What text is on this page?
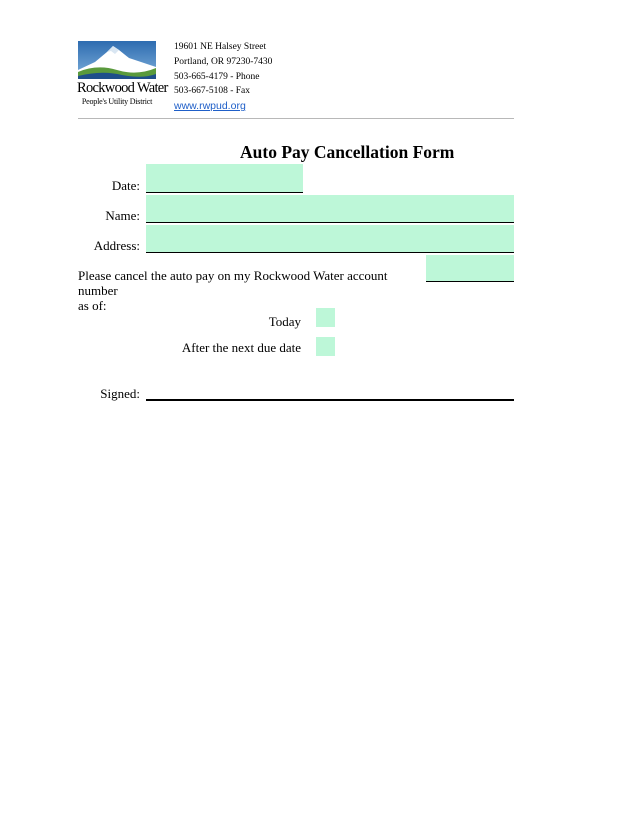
Rockwood Water
People's Utility District
19601 NE Halsey Street
Portland, OR 97230-7430
503-665-4179 - Phone
503-667-5108 - Fax
www.rwpud.org
Auto Pay Cancellation Form
Date:
Name:
Address:
Please cancel the auto pay on my Rockwood Water account number
as of:
Today
After the next due date
Signed:
